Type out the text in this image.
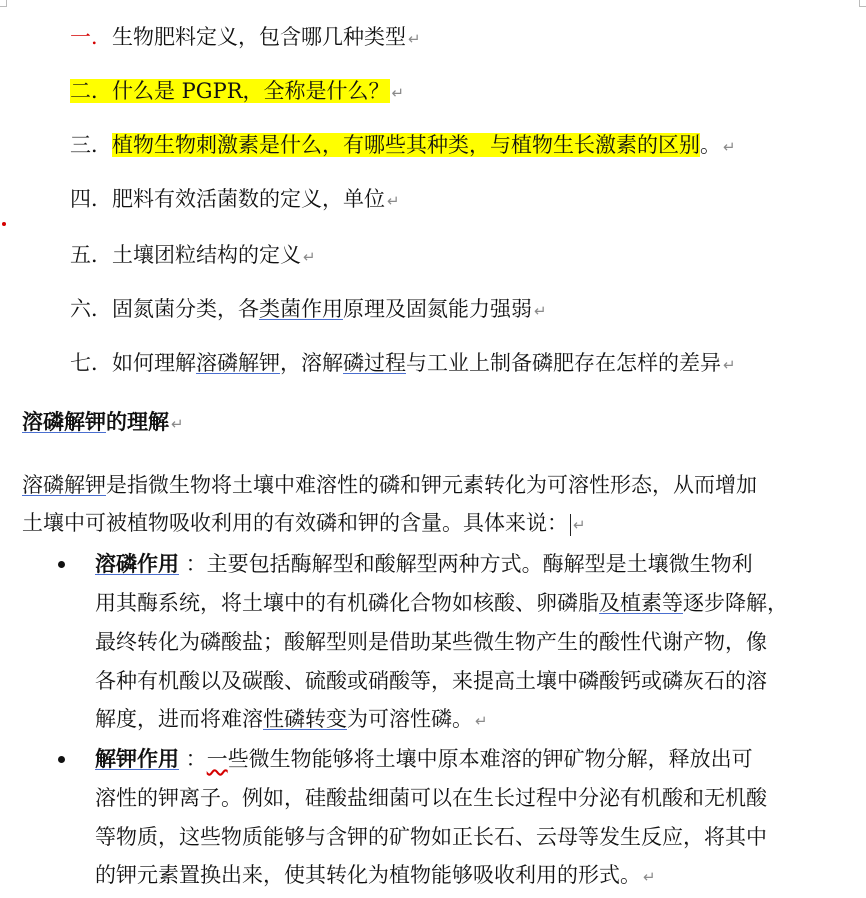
一．生物肥料定义，包含哪几种类型 ↵
二．什么是 PGPR，全称是什么？ ↵
三．植物生物刺激素是什么，有哪些其种类，与植物生长激素的区别。 ↵
四．肥料有效活菌数的定义，单位 ↵
五．土壤团粒结构的定义 ↵
六．固氮菌分类，各类菌作用原理及固氮能力强弱 ↵
七．如何理解溶磷解钾，溶解磷过程与工业上制备磷肥存在怎样的差异 ↵
溶磷解钾的理解 ↵
溶磷解钾是指微生物将土壤中难溶性的磷和钾元素转化为可溶性形态，从而增加
土壤中可被植物吸收利用的有效磷和钾的含量。具体来说： ↵
溶磷作用 ：主要包括酶解型和酸解型两种方式。酶解型是土壤微生物利
用其酶系统，将土壤中的有机磷化合物如核酸、卵磷脂及植素等逐步降解，
最终转化为磷酸盐；酸解型则是借助某些微生物产生的酸性代谢产物，像
各种有机酸以及碳酸、硫酸或硝酸等，来提高土壤中磷酸钙或磷灰石的溶
解度，进而将难溶性磷转变为可溶性磷。 ↵
解钾作用 ：一些微生物能够将土壤中原本难溶的钾矿物分解，释放出可
溶性的钾离子。例如，硅酸盐细菌可以在生长过程中分泌有机酸和无机酸
等物质，这些物质能够与含钾的矿物如正长石、云母等发生反应，将其中
的钾元素置换出来，使其转化为植物能够吸收利用的形式。 ↵
